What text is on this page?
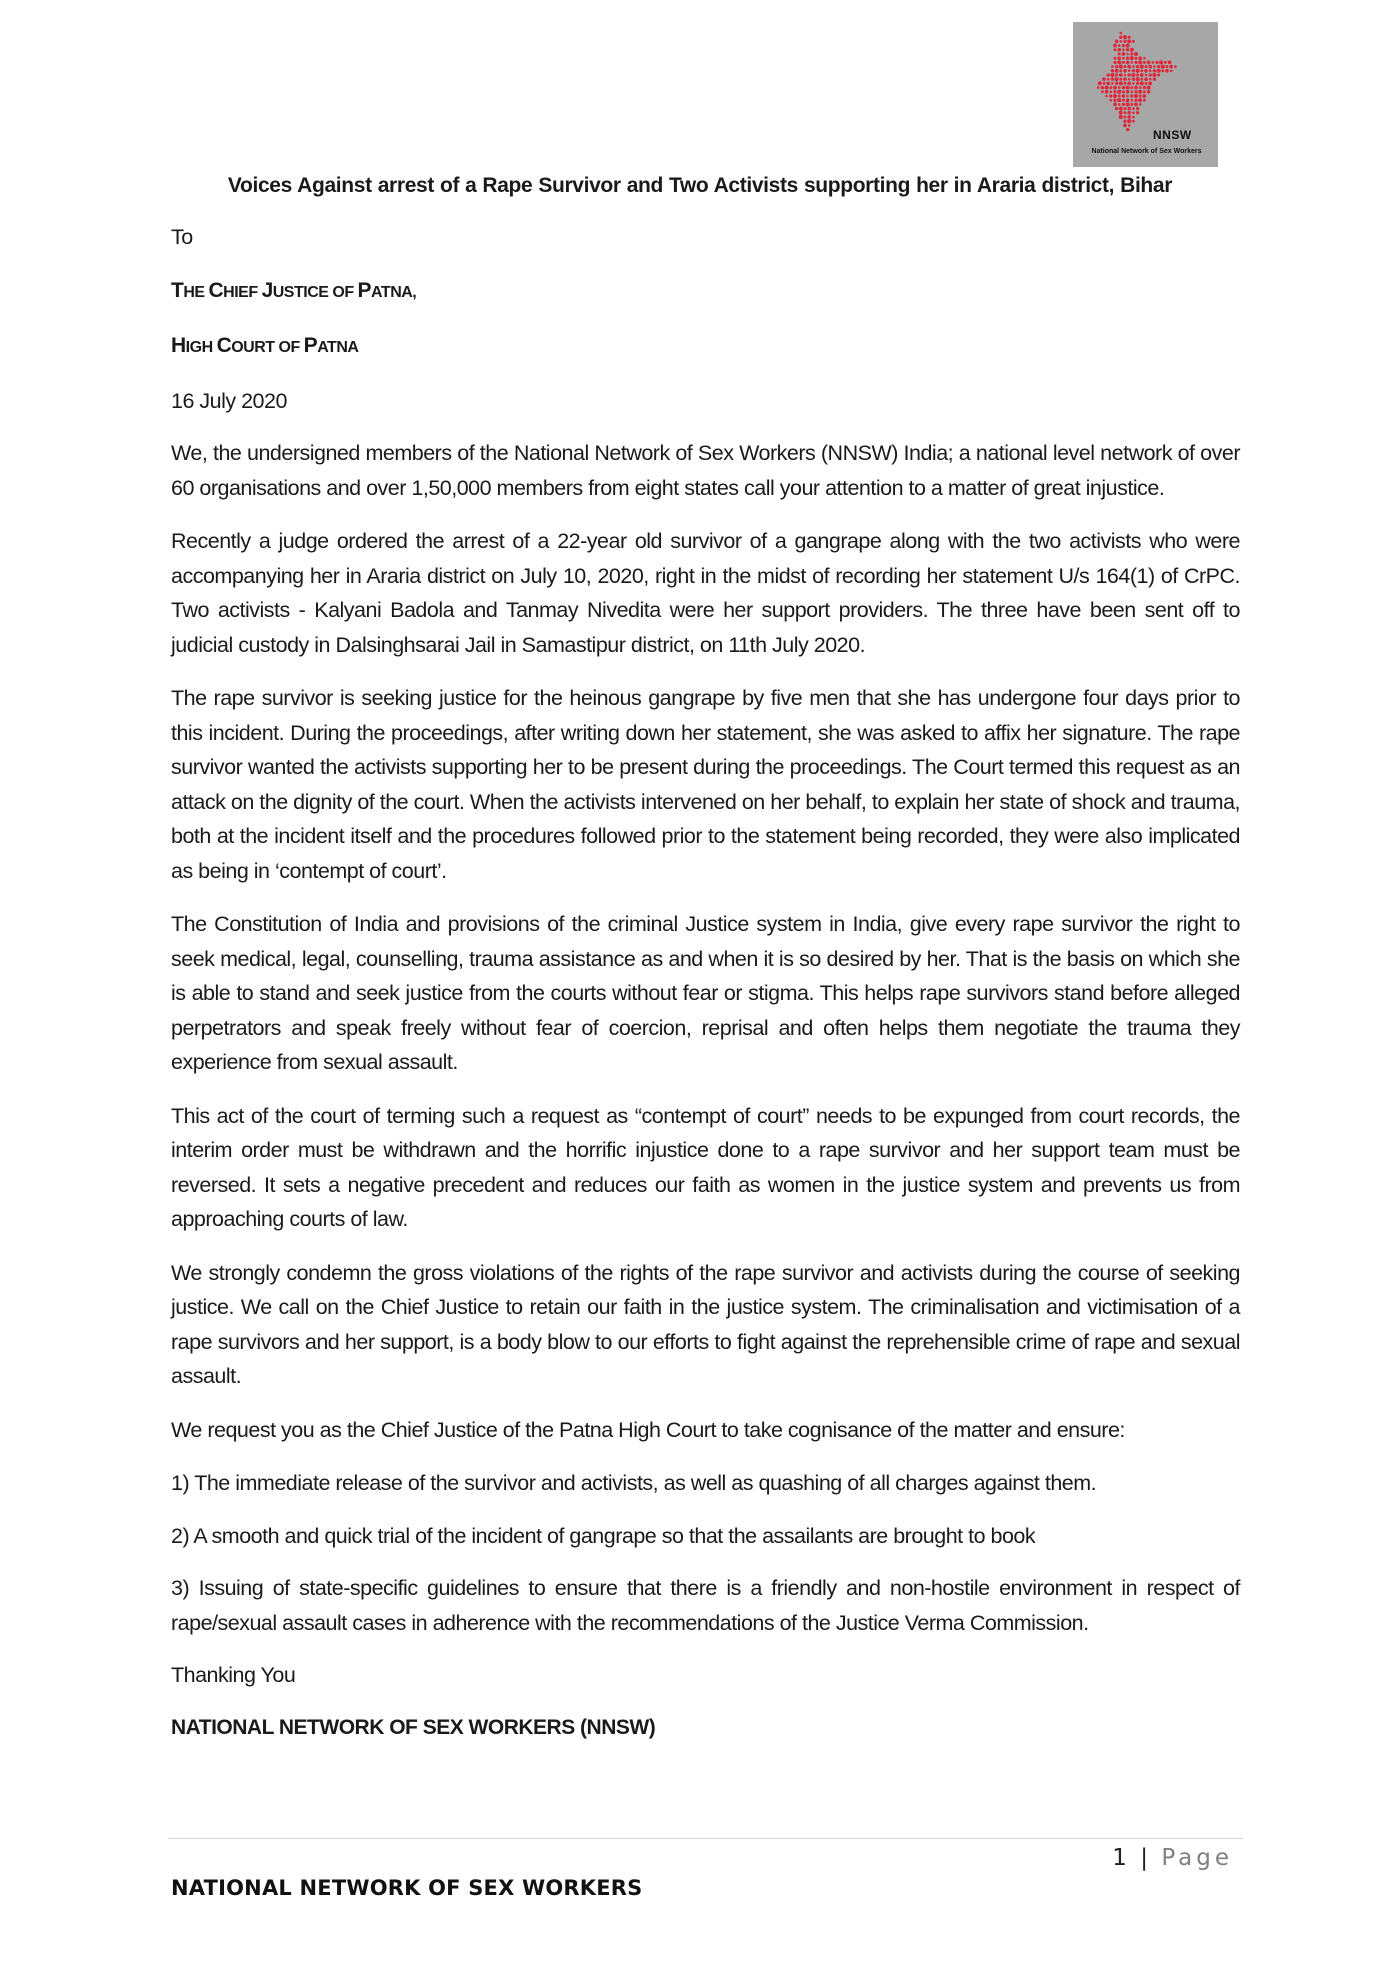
NNSW
National Network of Sex Workers
Voices Against arrest of a Rape Survivor and Two Activists supporting her in Araria district, Bihar

To

THE CHIEF JUSTICE OF PATNA,

HIGH COURT OF PATNA

16 July 2020

We, the undersigned members of the National Network of Sex Workers (NNSW) India; a national level network of over 60 organisations and over 1,50,000 members from eight states call your attention to a matter of great injustice.

Recently a judge ordered the arrest of a 22-year old survivor of a gangrape along with the two activists who were accompanying her in Araria district on July 10, 2020, right in the midst of recording her statement U/s 164(1) of CrPC. Two activists - Kalyani Badola and Tanmay Nivedita were her support providers. The three have been sent off to judicial custody in Dalsinghsarai Jail in Samastipur district, on 11th July 2020.

The rape survivor is seeking justice for the heinous gangrape by five men that she has undergone four days prior to this incident. During the proceedings, after writing down her statement, she was asked to affix her signature. The rape survivor wanted the activists supporting her to be present during the proceedings. The Court termed this request as an attack on the dignity of the court. When the activists intervened on her behalf, to explain her state of shock and trauma, both at the incident itself and the procedures followed prior to the statement being recorded, they were also implicated as being in ‘contempt of court’.

The Constitution of India and provisions of the criminal Justice system in India, give every rape survivor the right to seek medical, legal, counselling, trauma assistance as and when it is so desired by her. That is the basis on which she is able to stand and seek justice from the courts without fear or stigma. This helps rape survivors stand before alleged perpetrators and speak freely without fear of coercion, reprisal and often helps them negotiate the trauma they experience from sexual assault.

This act of the court of terming such a request as “contempt of court” needs to be expunged from court records, the interim order must be withdrawn and the horrific injustice done to a rape survivor and her support team must be reversed. It sets a negative precedent and reduces our faith as women in the justice system and prevents us from approaching courts of law.

We strongly condemn the gross violations of the rights of the rape survivor and activists during the course of seeking justice. We call on the Chief Justice to retain our faith in the justice system. The criminalisation and victimisation of a rape survivors and her support, is a body blow to our efforts to fight against the reprehensible crime of rape and sexual assault.

We request you as the Chief Justice of the Patna High Court to take cognisance of the matter and ensure:

1) The immediate release of the survivor and activists, as well as quashing of all charges against them.

2) A smooth and quick trial of the incident of gangrape so that the assailants are brought to book

3) Issuing of state-specific guidelines to ensure that there is a friendly and non-hostile environment in respect of rape/sexual assault cases in adherence with the recommendations of the Justice Verma Commission.

Thanking You

NATIONAL NETWORK OF SEX WORKERS (NNSW)

1 | Page
NATIONAL NETWORK OF SEX WORKERS
